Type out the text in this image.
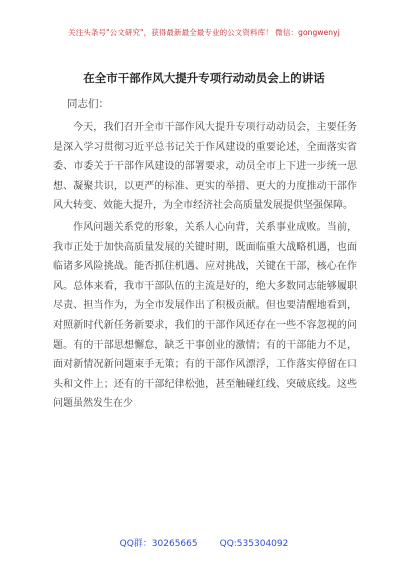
关注头条号"公文研究"，获得最新最全最专业的公文资料库！ 微信：gongwenyj
在全市干部作风大提升专项行动动员会上的讲话
同志们：

今天，我们召开全市干部作风大提升专项行动动员会，主要任务是深入学习贯彻习近平总书记关于作风建设的重要论述，全面落实省委、市委关于干部作风建设的部署要求，动员全市上下进一步统一思想、凝聚共识，以更严的标准、更实的举措、更大的力度推动干部作风大转变、效能大提升，为全市经济社会高质量发展提供坚强保障。

作风问题关系党的形象，关系人心向背，关系事业成败。当前，我市正处于加快高质量发展的关键时期，既面临重大战略机遇，也面临诸多风险挑战。能否抓住机遇、应对挑战，关键在干部，核心在作风。总体来看，我市干部队伍的主流是好的，绝大多数同志能够履职尽责、担当作为，为全市发展作出了积极贡献。但也要清醒地看到，对照新时代新任务新要求，我们的干部作风还存在一些不容忽视的问题。有的干部思想懈怠，缺乏干事创业的激情；有的干部能力不足，面对新情况新问题束手无策；有的干部作风漂浮，工作落实停留在口头和文件上；还有的干部纪律松弛，甚至触碰红线、突破底线。这些问题虽然发生在少

QQ群：30265665 QQ:535304092
